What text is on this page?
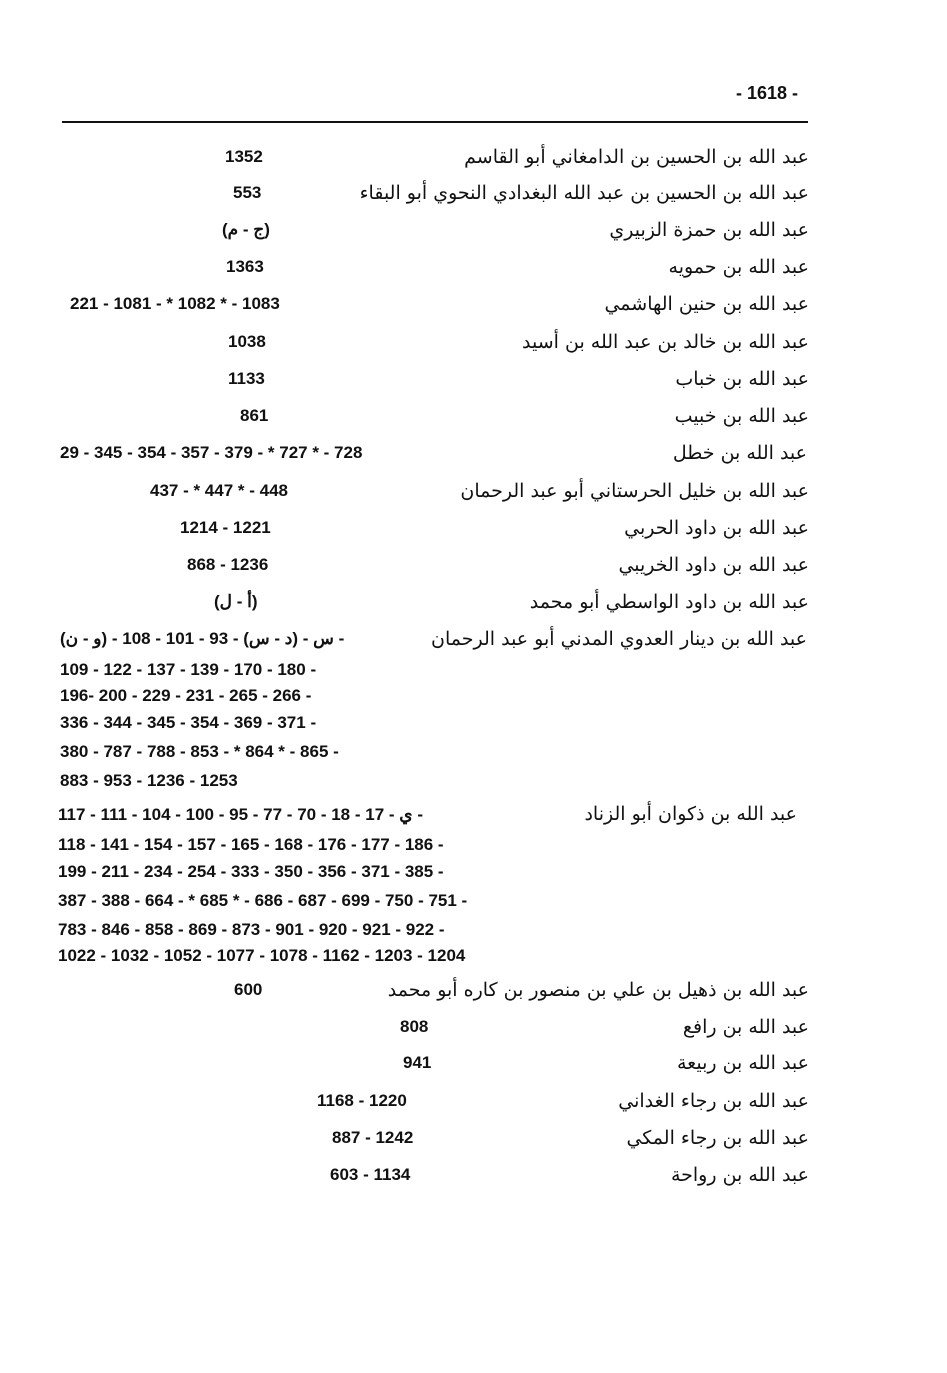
- 1618 -
عبد الله بن الحسين بن الدامغاني أبو القاسم
1352
عبد الله بن الحسين بن عبد الله البغدادي النحوي أبو البقاء
553
عبد الله بن حمزة الزبيري
(ج - م)
عبد الله بن حمويه
1363
عبد الله بن حنين الهاشمي
221 - 1081 - * 1082 * - 1083
عبد الله بن خالد بن عبد الله بن أسيد
1038
عبد الله بن خباب
1133
عبد الله بن خبيب
861
عبد الله بن خطل
29 - 345 - 354 - 357 - 379 - * 727 * - 728
عبد الله بن خليل الحرستاني أبو عبد الرحمان
437 - * 447 * - 448
عبد الله بن داود الحربي
1214 - 1221
عبد الله بن داود الخريبي
868 - 1236
عبد الله بن داود الواسطي أبو محمد
(أ - ل)
عبد الله بن دينار العدوي المدني أبو عبد الرحمان
(و - ن) - س - (د - س) - 93 - 101 - 108 -
109 - 122 - 137 - 139 - 170 - 180 -
196- 200 - 229 - 231 - 265 - 266 -
336 - 344 - 345 - 354 - 369 - 371 -
380 - 787 - 788 - 853 - * 864 * - 865 -
883 - 953 - 1236 - 1253
عبد الله بن ذكوان أبو الزناد
ي - 17 - 18 - 70 - 77 - 95 - 100 - 104 - 111 - 117 -
118 - 141 - 154 - 157 - 165 - 168 - 176 - 177 - 186 -
199 - 211 - 234 - 254 - 333 - 350 - 356 - 371 - 385 -
387 - 388 - 664 - * 685 * - 686 - 687 - 699 - 750 - 751 -
783 - 846 - 858 - 869 - 873 - 901 - 920 - 921 - 922 -
1022 - 1032 - 1052 - 1077 - 1078 - 1162 - 1203 - 1204
عبد الله بن ذهيل بن علي بن منصور بن كاره أبو محمد
600
عبد الله بن رافع
808
عبد الله بن ربيعة
941
عبد الله بن رجاء الغداني
1168 - 1220
عبد الله بن رجاء المكي
887 - 1242
عبد الله بن رواحة
603 - 1134
